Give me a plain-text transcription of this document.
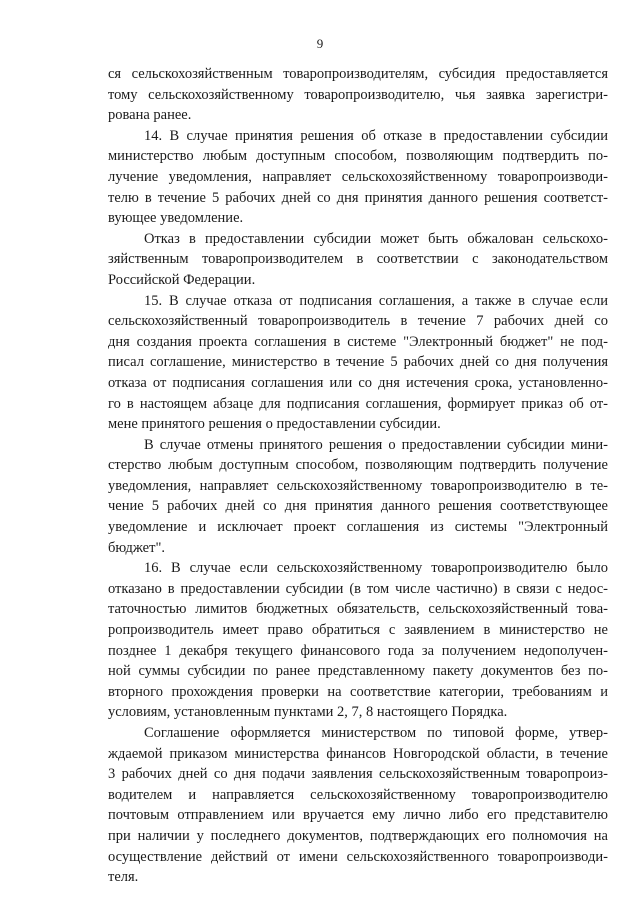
9
ся сельскохозяйственным товаропроизводителям, субсидия предоставляется
тому сельскохозяйственному товаропроизводителю, чья заявка зарегистри-
рована ранее.
14. В случае принятия решения об отказе в предоставлении субсидии
министерство любым доступным способом, позволяющим подтвердить по-
лучение уведомления, направляет сельскохозяйственному товаропроизводи-
телю в течение 5 рабочих дней со дня принятия данного решения соответст-
вующее уведомление.
Отказ в предоставлении субсидии может быть обжалован сельскохо-
зяйственным товаропроизводителем в соответствии с законодательством
Российской Федерации.
15. В случае отказа от подписания соглашения, а также в случае если
сельскохозяйственный товаропроизводитель в течение 7 рабочих дней со
дня создания проекта соглашения в системе "Электронный бюджет" не под-
писал соглашение, министерство в течение 5 рабочих дней со дня получения
отказа от подписания соглашения или со дня истечения срока, установленно-
го в настоящем абзаце для подписания соглашения, формирует приказ об от-
мене принятого решения о предоставлении субсидии.
В случае отмены принятого решения о предоставлении субсидии мини-
стерство любым доступным способом, позволяющим подтвердить получение
уведомления, направляет сельскохозяйственному товаропроизводителю в те-
чение 5 рабочих дней со дня принятия данного решения соответствующее
уведомление и исключает проект соглашения из системы "Электронный
бюджет".
16. В случае если сельскохозяйственному товаропроизводителю было
отказано в предоставлении субсидии (в том числе частично) в связи с недос-
таточностью лимитов бюджетных обязательств, сельскохозяйственный това-
ропроизводитель имеет право обратиться с заявлением в министерство не
позднее 1 декабря текущего финансового года за получением недополучен-
ной суммы субсидии по ранее представленному пакету документов без по-
вторного прохождения проверки на соответствие категории, требованиям и
условиям, установленным пунктами 2, 7, 8 настоящего Порядка.
Соглашение оформляется министерством по типовой форме, утвер-
ждаемой приказом министерства финансов Новгородской области, в течение
3 рабочих дней со дня подачи заявления сельскохозяйственным товаропроиз-
водителем и направляется сельскохозяйственному товаропроизводителю
почтовым отправлением или вручается ему лично либо его представителю
при наличии у последнего документов, подтверждающих его полномочия на
осуществление действий от имени сельскохозяйственного товаропроизводи-
теля.
